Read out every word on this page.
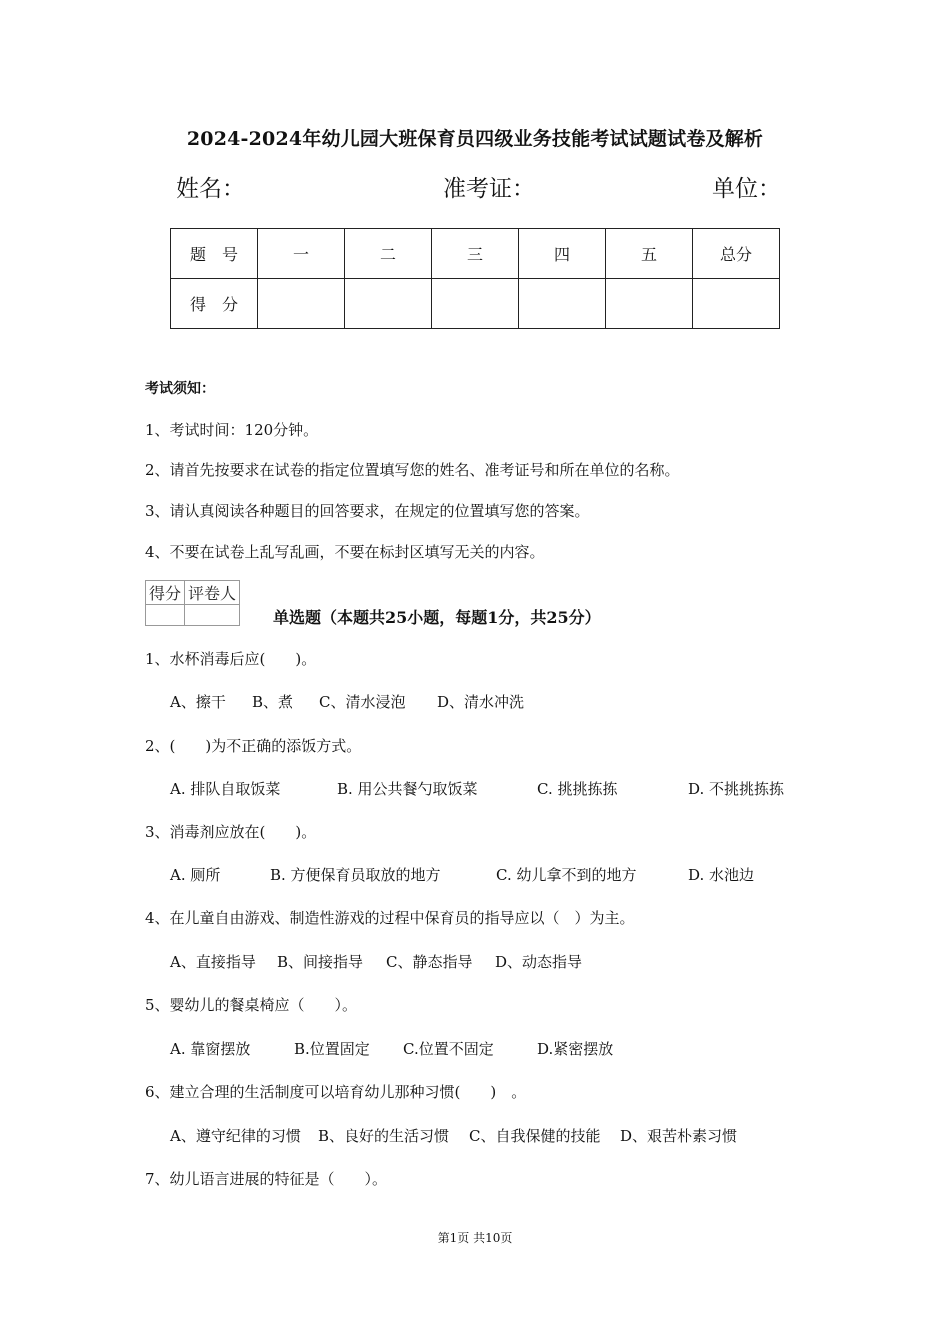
2024-2024年幼儿园大班保育员四级业务技能考试试题试卷及解析
姓名：	准考证：	单位：
题　号	一	二	三	四	五	总分
得　分						
考试须知：
1、考试时间：120分钟。
2、请首先按要求在试卷的指定位置填写您的姓名、准考证号和所在单位的名称。
3、请认真阅读各种题目的回答要求，在规定的位置填写您的答案。
4、不要在试卷上乱写乱画，不要在标封区填写无关的内容。
得分	评卷人

单选题（本题共25小题，每题1分，共25分）
1、水杯消毒后应(　　)。
A、擦干 B、煮 C、清水浸泡 D、清水冲洗
2、(　　)为不正确的添饭方式。
A. 排队自取饭菜	B. 用公共餐勺取饭菜	C. 挑挑拣拣	D. 不挑挑拣拣
3、消毒剂应放在(　　)。
A. 厕所	B. 方便保育员取放的地方	C. 幼儿拿不到的地方	D. 水池边
4、在儿童自由游戏、制造性游戏的过程中保育员的指导应以（　）为主。
A、直接指导 B、间接指导 C、静态指导 D、动态指导
5、婴幼儿的餐桌椅应（　　）。
A. 靠窗摆放	B.位置固定 C.位置不固定	D.紧密摆放
6、建立合理的生活制度可以培育幼儿那种习惯(　　)　。
A、遵守纪律的习惯 B、良好的生活习惯 C、自我保健的技能 D、艰苦朴素习惯
7、幼儿语言进展的特征是（　　）。
第1页 共10页
